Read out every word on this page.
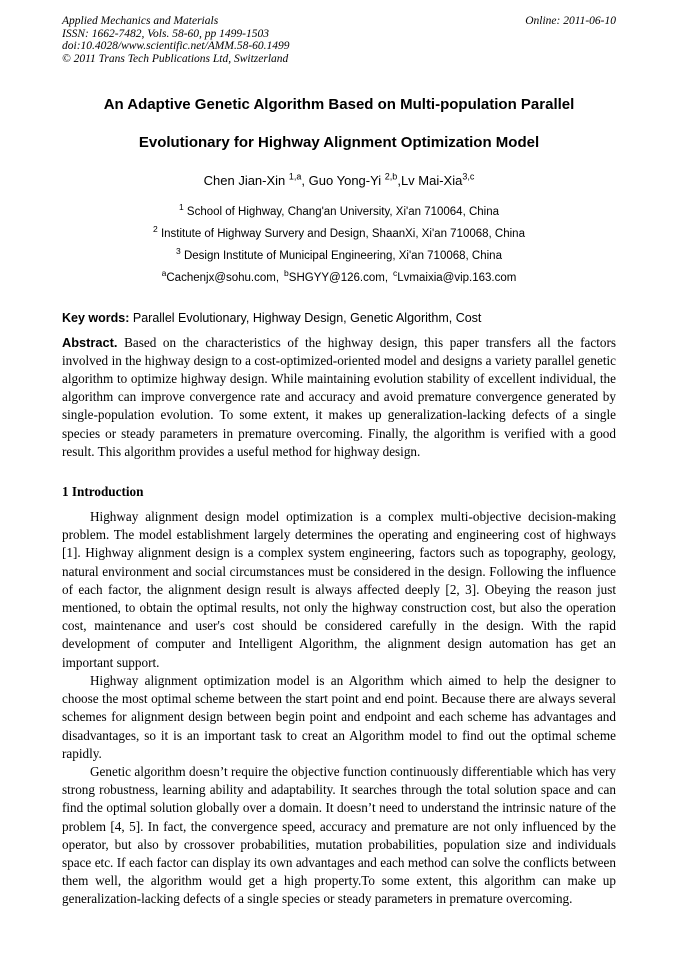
Applied Mechanics and Materials
ISSN: 1662-7482, Vols. 58-60, pp 1499-1503
doi:10.4028/www.scientific.net/AMM.58-60.1499
© 2011 Trans Tech Publications Ltd, Switzerland
Online: 2011-06-10
An Adaptive Genetic Algorithm Based on Multi-population Parallel
Evolutionary for Highway Alignment Optimization Model
Chen Jian-Xin $^{1,a}$, Guo Yong-Yi $^{2,b}$,Lv Mai-Xia$^{3,c}$
$^1$ School of Highway, Chang'an University, Xi'an 710064, China
$^2$ Institute of Highway Survery and Design, ShaanXi, Xi'an 710068, China
$^3$ Design Institute of Municipal Engineering, Xi'an 710068, China
$^a$Cachenjx@sohu.com, $^b$SHGYY@126.com, $^c$Lvmaixia@vip.163.com
Key words: Parallel Evolutionary, Highway Design, Genetic Algorithm, Cost
Abstract. Based on the characteristics of the highway design, this paper transfers all the factors involved in the highway design to a cost-optimized-oriented model and designs a variety parallel genetic algorithm to optimize highway design. While maintaining evolution stability of excellent individual, the algorithm can improve convergence rate and accuracy and avoid premature convergence generated by single-population evolution. To some extent, it makes up generalization-lacking defects of a single species or steady parameters in premature overcoming. Finally, the algorithm is verified with a good result. This algorithm provides a useful method for highway design.
1 Introduction

Highway alignment design model optimization is a complex multi-objective decision-making problem. The model establishment largely determines the operating and engineering cost of highways [1]. Highway alignment design is a complex system engineering, factors such as topography, geology, natural environment and social circumstances must be considered in the design. Following the influence of each factor, the alignment design result is always affected deeply [2, 3]. Obeying the reason just mentioned, to obtain the optimal results, not only the highway construction cost, but also the operation cost, maintenance and user's cost should be considered carefully in the design. With the rapid development of computer and Intelligent Algorithm, the alignment design automation has get an important support.

Highway alignment optimization model is an Algorithm which aimed to help the designer to choose the most optimal scheme between the start point and end point. Because there are always several schemes for alignment design between begin point and endpoint and each scheme has advantages and disadvantages, so it is an important task to creat an Algorithm model to find out the optimal scheme rapidly.

Genetic algorithm doesn’t require the objective function continuously differentiable which has very strong robustness, learning ability and adaptability. It searches through the total solution space and can find the optimal solution globally over a domain. It doesn’t need to understand the intrinsic nature of the problem [4, 5]. In fact, the convergence speed, accuracy and premature are not only influenced by the operator, but also by crossover probabilities, mutation probabilities, population size and individuals space etc. If each factor can display its own advantages and each method can solve the conflicts between them well, the algorithm would get a high property.To some extent, this algorithm can make up generalization-lacking defects of a single species or steady parameters in premature overcoming.
